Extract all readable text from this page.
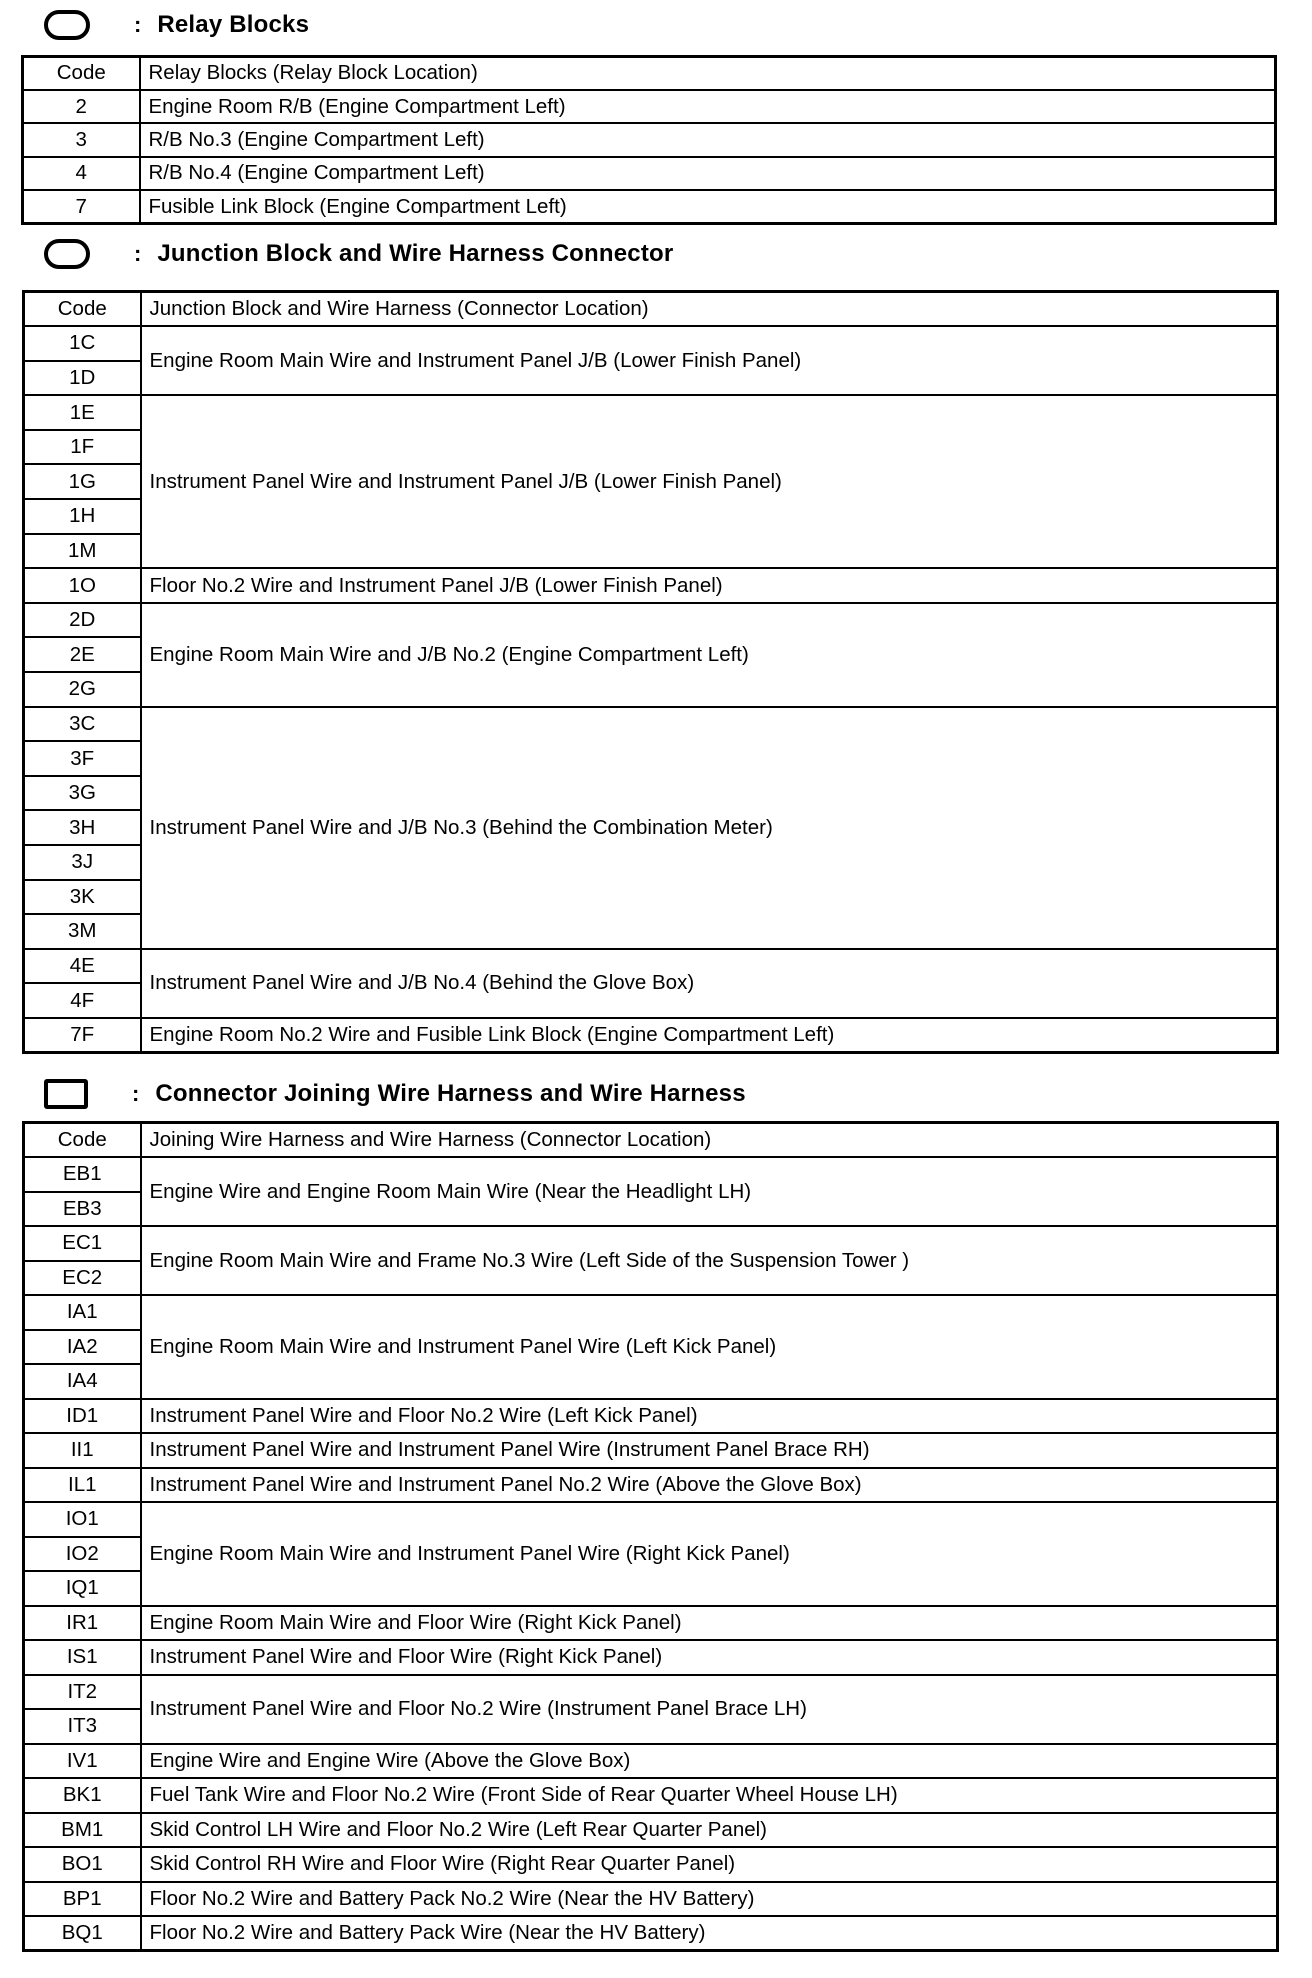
: Relay Blocks
: Junction Block and Wire Harness Connector
: Connector Joining Wire Harness and Wire Harness
Code	Relay Blocks (Relay Block Location)
2	Engine Room R/B (Engine Compartment Left)
3	R/B No.3 (Engine Compartment Left)
4	R/B No.4 (Engine Compartment Left)
7	Fusible Link Block (Engine Compartment Left)
Code	Junction Block and Wire Harness (Connector Location)
1C	Engine Room Main Wire and Instrument Panel J/B (Lower Finish Panel)
1D	
1E	Instrument Panel Wire and Instrument Panel J/B (Lower Finish Panel)
1F	
1G	
1H	
1M	
1O	Floor No.2 Wire and Instrument Panel J/B (Lower Finish Panel)
2D	Engine Room Main Wire and J/B No.2 (Engine Compartment Left)
2E	
2G	
3C	Instrument Panel Wire and J/B No.3 (Behind the Combination Meter)
3F	
3G	
3H	
3J	
3K	
3M	
4E	Instrument Panel Wire and J/B No.4 (Behind the Glove Box)
4F	
7F	Engine Room No.2 Wire and Fusible Link Block (Engine Compartment Left)
Code	Joining Wire Harness and Wire Harness (Connector Location)
EB1	Engine Wire and Engine Room Main Wire (Near the Headlight LH)
EB3	
EC1	Engine Room Main Wire and Frame No.3 Wire (Left Side of the Suspension Tower )
EC2	
IA1	Engine Room Main Wire and Instrument Panel Wire (Left Kick Panel)
IA2	
IA4	
ID1	Instrument Panel Wire and Floor No.2 Wire (Left Kick Panel)
II1	Instrument Panel Wire and Instrument Panel Wire (Instrument Panel Brace RH)
IL1	Instrument Panel Wire and Instrument Panel No.2 Wire (Above the Glove Box)
IO1	Engine Room Main Wire and Instrument Panel Wire (Right Kick Panel)
IO2	
IQ1	
IR1	Engine Room Main Wire and Floor Wire (Right Kick Panel)
IS1	Instrument Panel Wire and Floor Wire (Right Kick Panel)
IT2	Instrument Panel Wire and Floor No.2 Wire (Instrument Panel Brace LH)
IT3	
IV1	Engine Wire and Engine Wire (Above the Glove Box)
BK1	Fuel Tank Wire and Floor No.2 Wire (Front Side of Rear Quarter Wheel House LH)
BM1	Skid Control LH Wire and Floor No.2 Wire (Left Rear Quarter Panel)
BO1	Skid Control RH Wire and Floor Wire (Right Rear Quarter Panel)
BP1	Floor No.2 Wire and Battery Pack No.2 Wire (Near the HV Battery)
BQ1	Floor No.2 Wire and Battery Pack Wire (Near the HV Battery)
